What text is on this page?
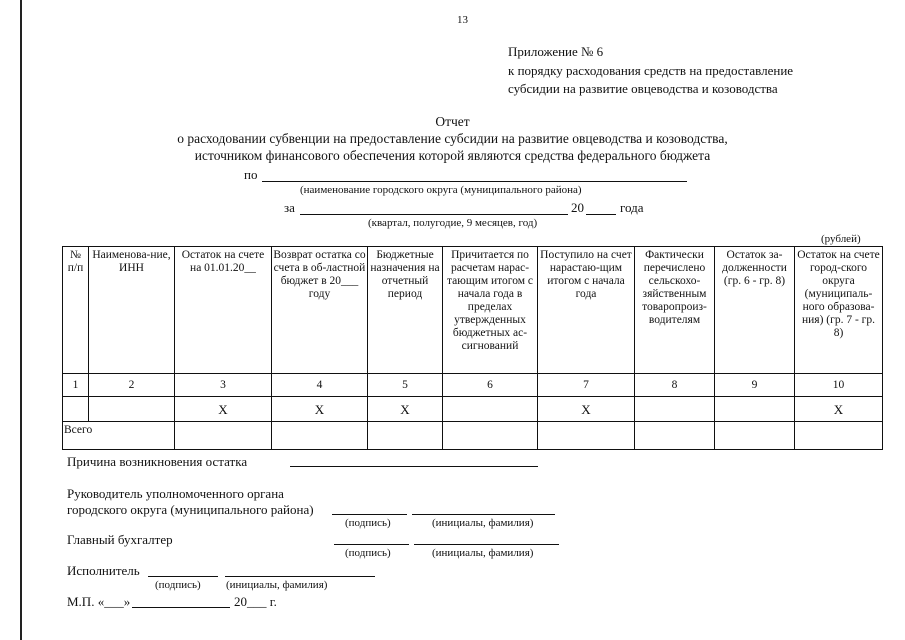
13
Приложение № 6
к порядку расходования средств на предоставление
субсидии на развитие овцеводства и козоводства
Отчет
о расходовании субвенции на предоставление субсидии на развитие овцеводства и козоводства,
источником финансового обеспечения которой являются средства федерального бюджета
по
(наименование городского округа (муниципального района)
за	20	года
(квартал, полугодие, 9 месяцев, год)
(рублей)
№ п/п	Наименова-ние, ИНН	Остаток на счете на 01.01.20__	Возврат остатка со счета в об-ластной бюджет в 20___ году	Бюджетные назначения на отчетный период	Причитается по расчетам нарас-тающим итогом с начала года в пределах утвержденных бюджетных ас-сигнований	Поступило на счет нарастаю-щим итогом с начала года	Фактически перечислено сельскохо-зяйственным товаропроиз-водителям	Остаток за-долженности (гр. 6 - гр. 8)	Остаток на счете город-ского округа (муниципаль-ного образова-ния) (гр. 7 - гр. 8)
1	2	3	4	5	6	7	8	9	10
		X	X	X		X			X
Всего									
Причина возникновения остатка
Руководитель уполномоченного органа
городского округа (муниципального района)
(подпись)	(инициалы, фамилия)
Главный бухгалтер
(подпись)	(инициалы, фамилия)
Исполнитель
(подпись) (инициалы, фамилия)
М.П. «___»	20___ г.
